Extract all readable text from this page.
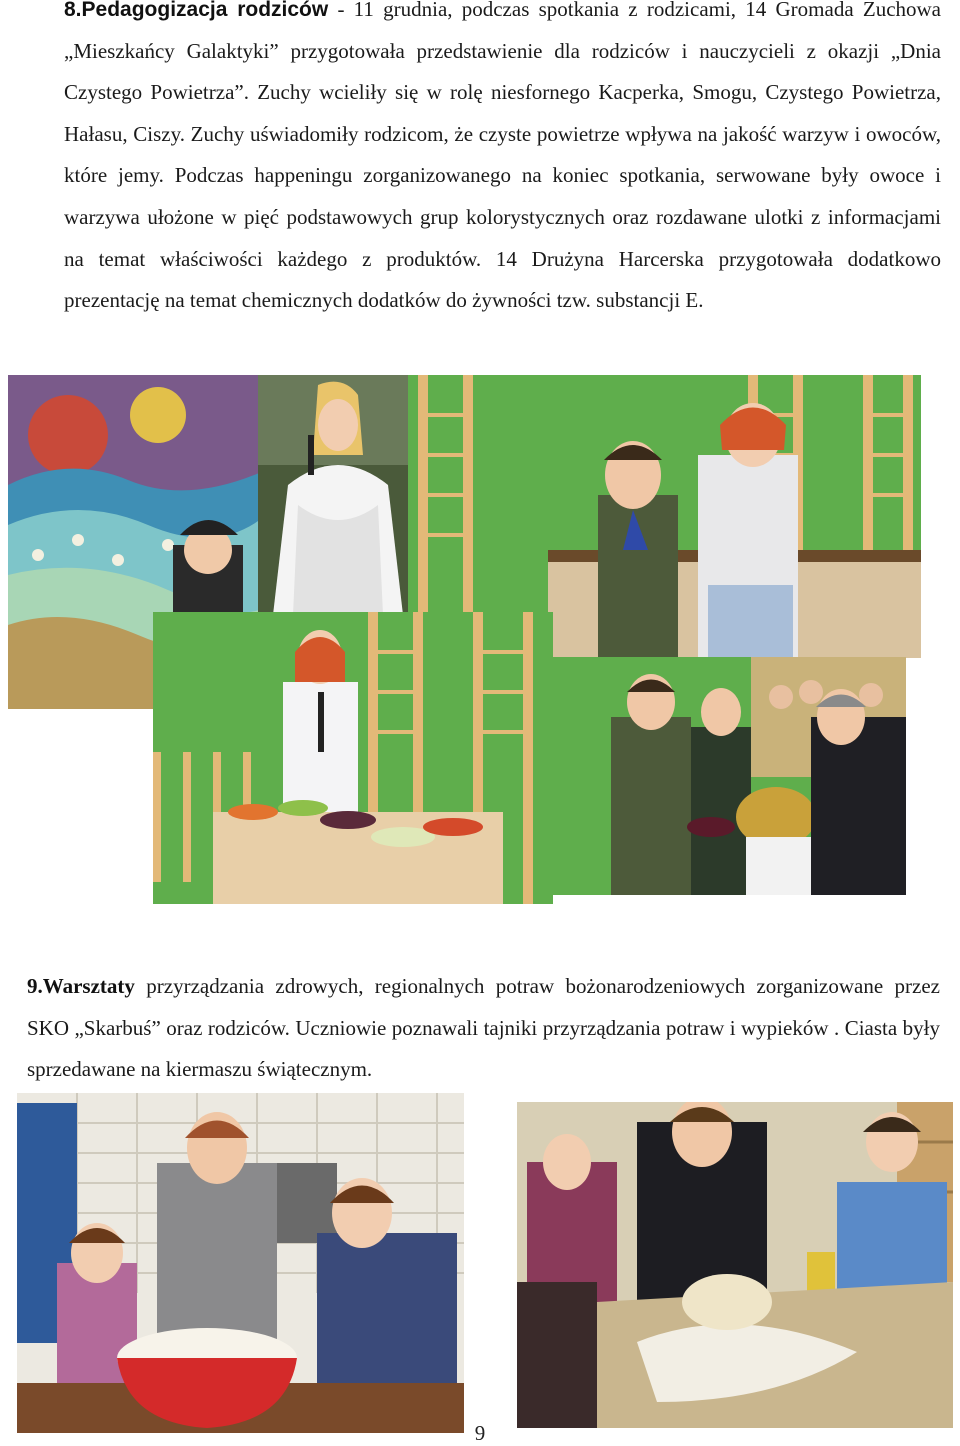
8.Pedagogizacja rodziców - 11 grudnia, podczas spotkania z rodzicami, 14 Gromada Zuchowa „Mieszkańcy Galaktyki” przygotowała przedstawienie dla rodziców i nauczycieli z okazji „Dnia Czystego Powietrza”. Zuchy wcieliły się w rolę niesfornego Kacperka, Smogu, Czystego Powietrza, Hałasu, Ciszy. Zuchy uświadomiły rodzicom, że czyste powietrze wpływa na jakość warzyw i owoców, które jemy. Podczas happeningu zorganizowanego na koniec spotkania, serwowane były owoce i warzywa ułożone w pięć podstawowych grup kolorystycznych oraz rozdawane ulotki z informacjami na temat właściwości każdego z produktów. 14 Drużyna Harcerska przygotowała dodatkowo prezentację na temat chemicznych dodatków do żywności tzw. substancji E.

9.Warsztaty przyrządzania zdrowych, regionalnych potraw bożonarodzeniowych zorganizowane przez SKO „Skarbuś” oraz rodziców. Uczniowie poznawali tajniki przyrządzania potraw i wypieków . Ciasta były sprzedawane na kiermaszu świątecznym.

9
